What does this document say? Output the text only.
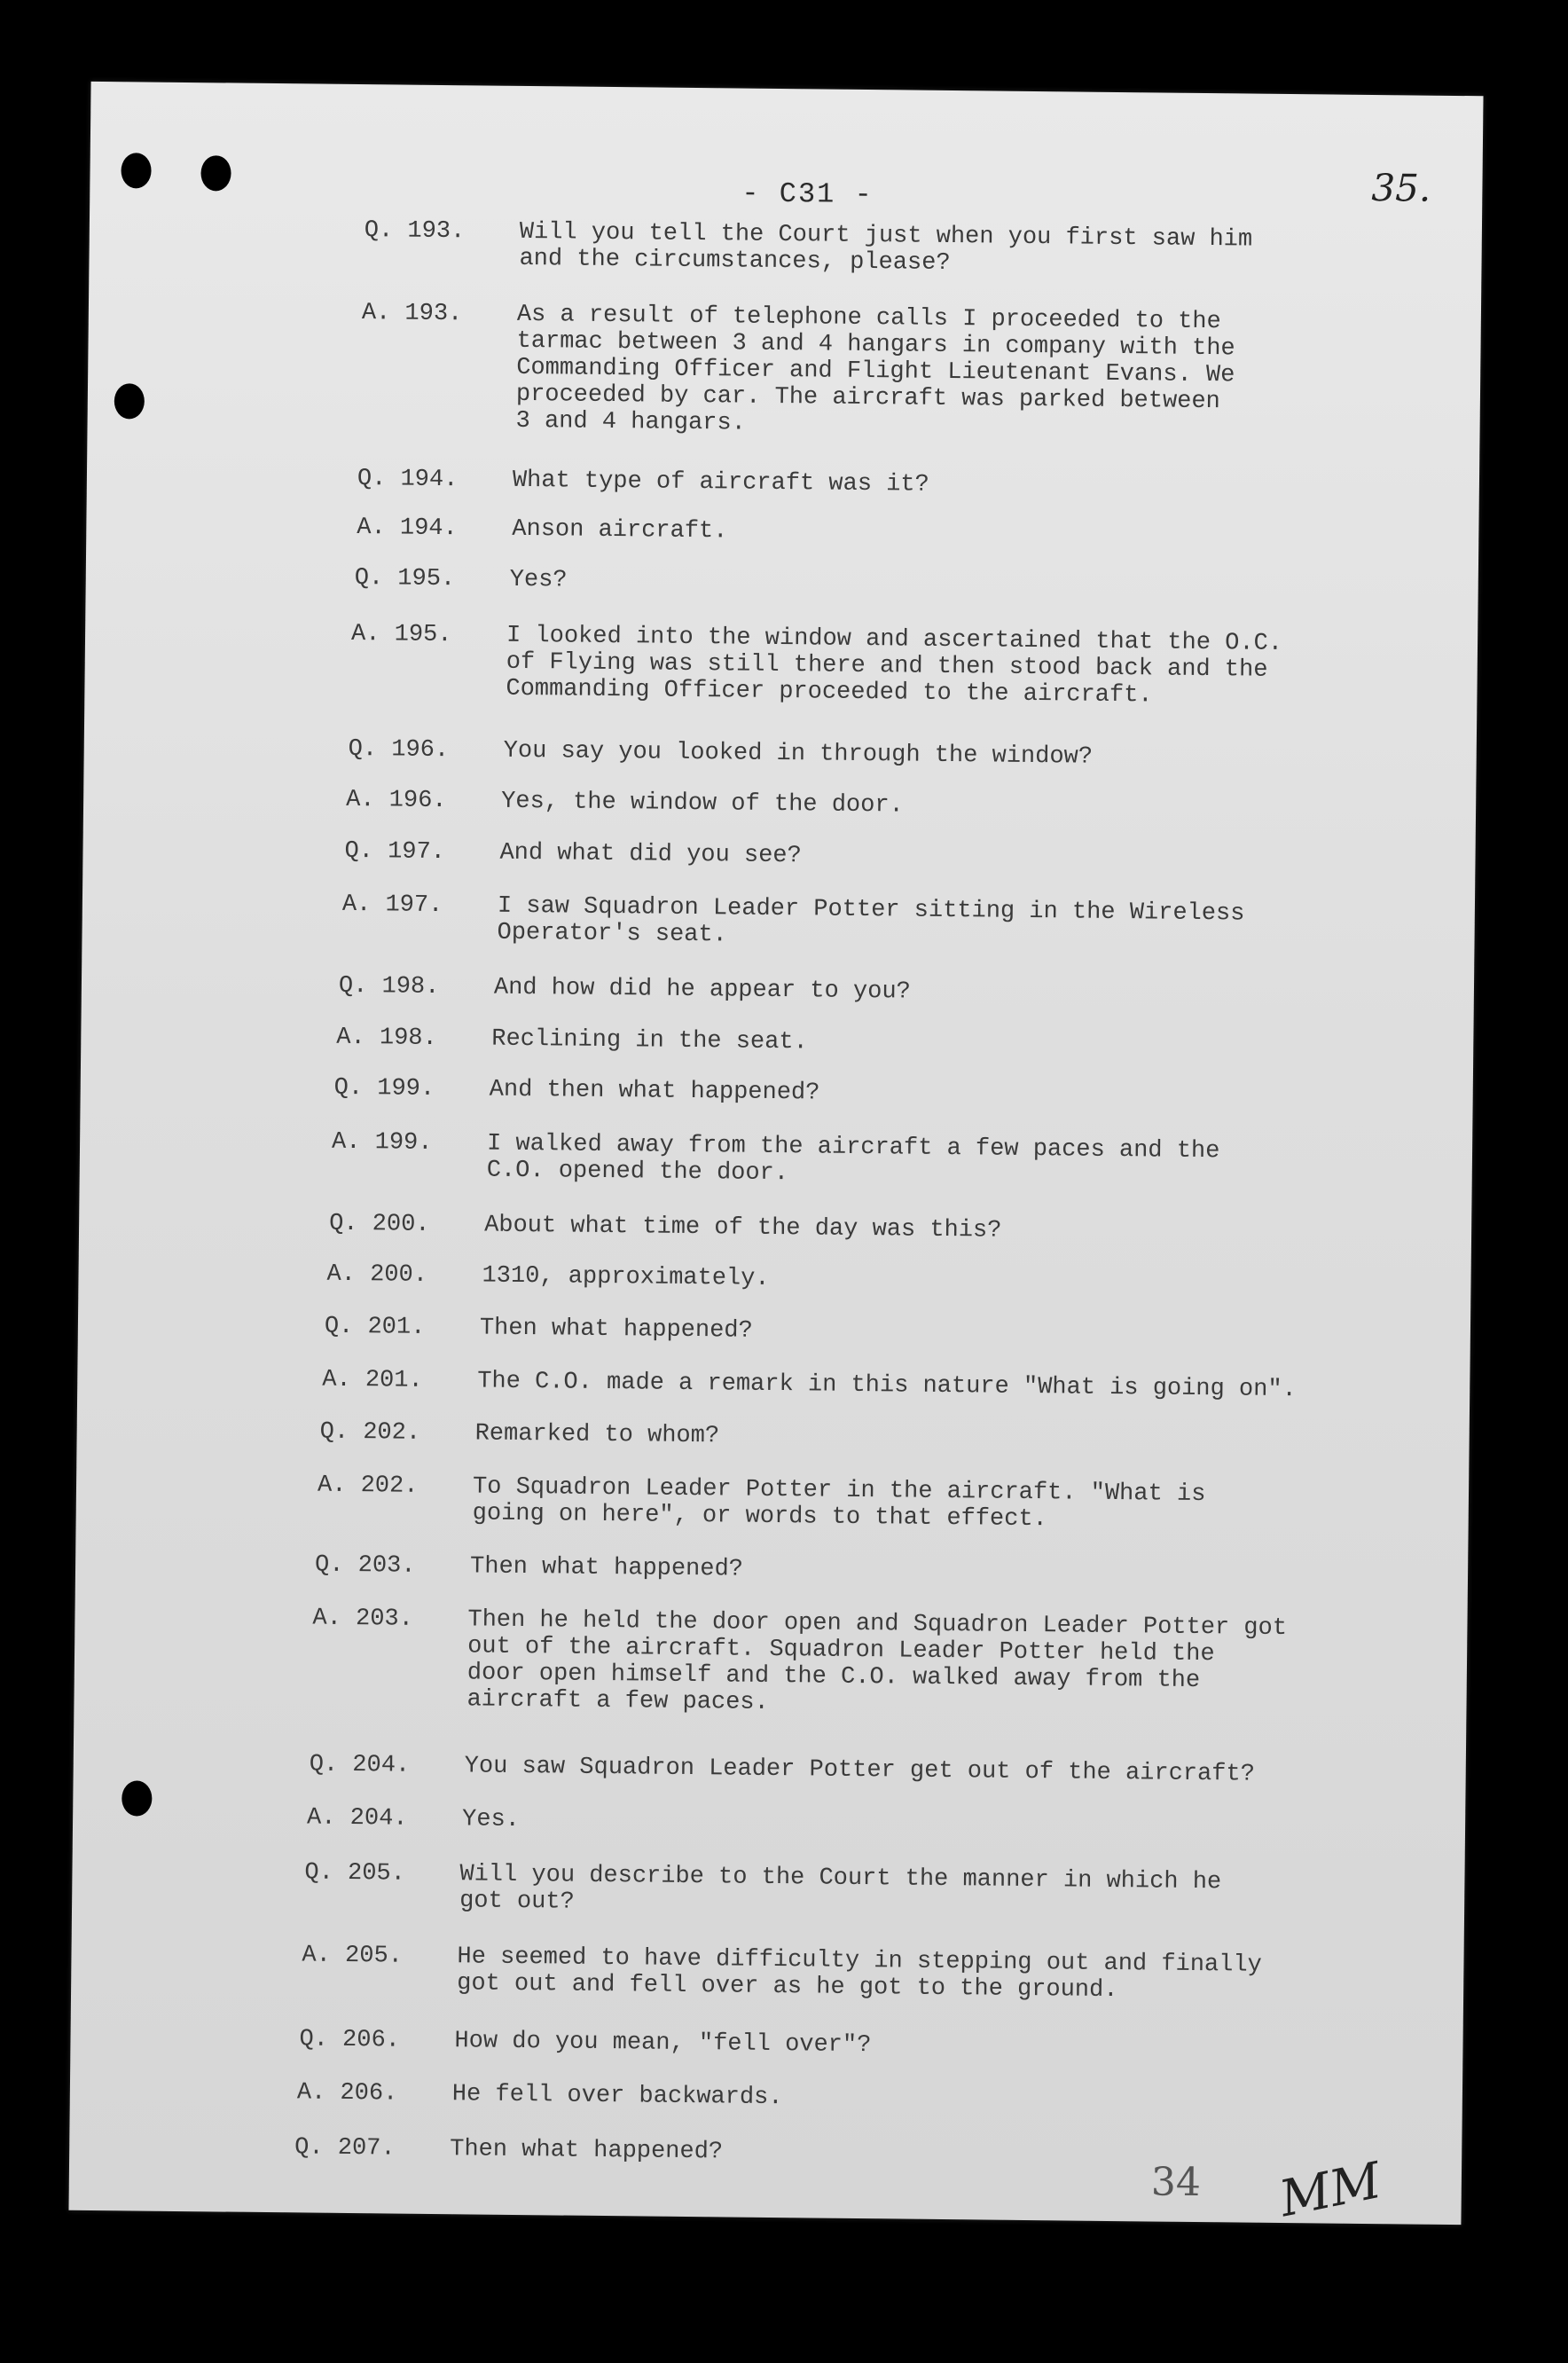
- C31 -	35.
Q. 193.	Will you tell the Court just when you first saw him
and the circumstances, please?
A. 193.	As a result of telephone calls I proceeded to the
tarmac between 3 and 4 hangars in company with the
Commanding Officer and Flight Lieutenant Evans. We
proceeded by car. The aircraft was parked between
3 and 4 hangars.
Q. 194.	What type of aircraft was it?
A. 194.	Anson aircraft.
Q. 195.	Yes?
A. 195.	I looked into the window and ascertained that the O.C.
of Flying was still there and then stood back and the
Commanding Officer proceeded to the aircraft.
Q. 196.	You say you looked in through the window?
A. 196.	Yes, the window of the door.
Q. 197.	And what did you see?
A. 197.	I saw Squadron Leader Potter sitting in the Wireless
Operator's seat.
Q. 198.	And how did he appear to you?
A. 198.	Reclining in the seat.
Q. 199.	And then what happened?
A. 199.	I walked away from the aircraft a few paces and the
C.O. opened the door.
Q. 200.	About what time of the day was this?
A. 200.	1310, approximately.
Q. 201.	Then what happened?
A. 201.	The C.O. made a remark in this nature "What is going on".
Q. 202.	Remarked to whom?
A. 202.	To Squadron Leader Potter in the aircraft. "What is
going on here", or words to that effect.
Q. 203.	Then what happened?
A. 203.	Then he held the door open and Squadron Leader Potter got
out of the aircraft. Squadron Leader Potter held the
door open himself and the C.O. walked away from the
aircraft a few paces.
Q. 204.	You saw Squadron Leader Potter get out of the aircraft?
A. 204.	Yes.
Q. 205.	Will you describe to the Court the manner in which he
got out?
A. 205.	He seemed to have difficulty in stepping out and finally
got out and fell over as he got to the ground.
Q. 206.	How do you mean, "fell over"?
A. 206.	He fell over backwards.
Q. 207.	Then what happened?
34 MM
